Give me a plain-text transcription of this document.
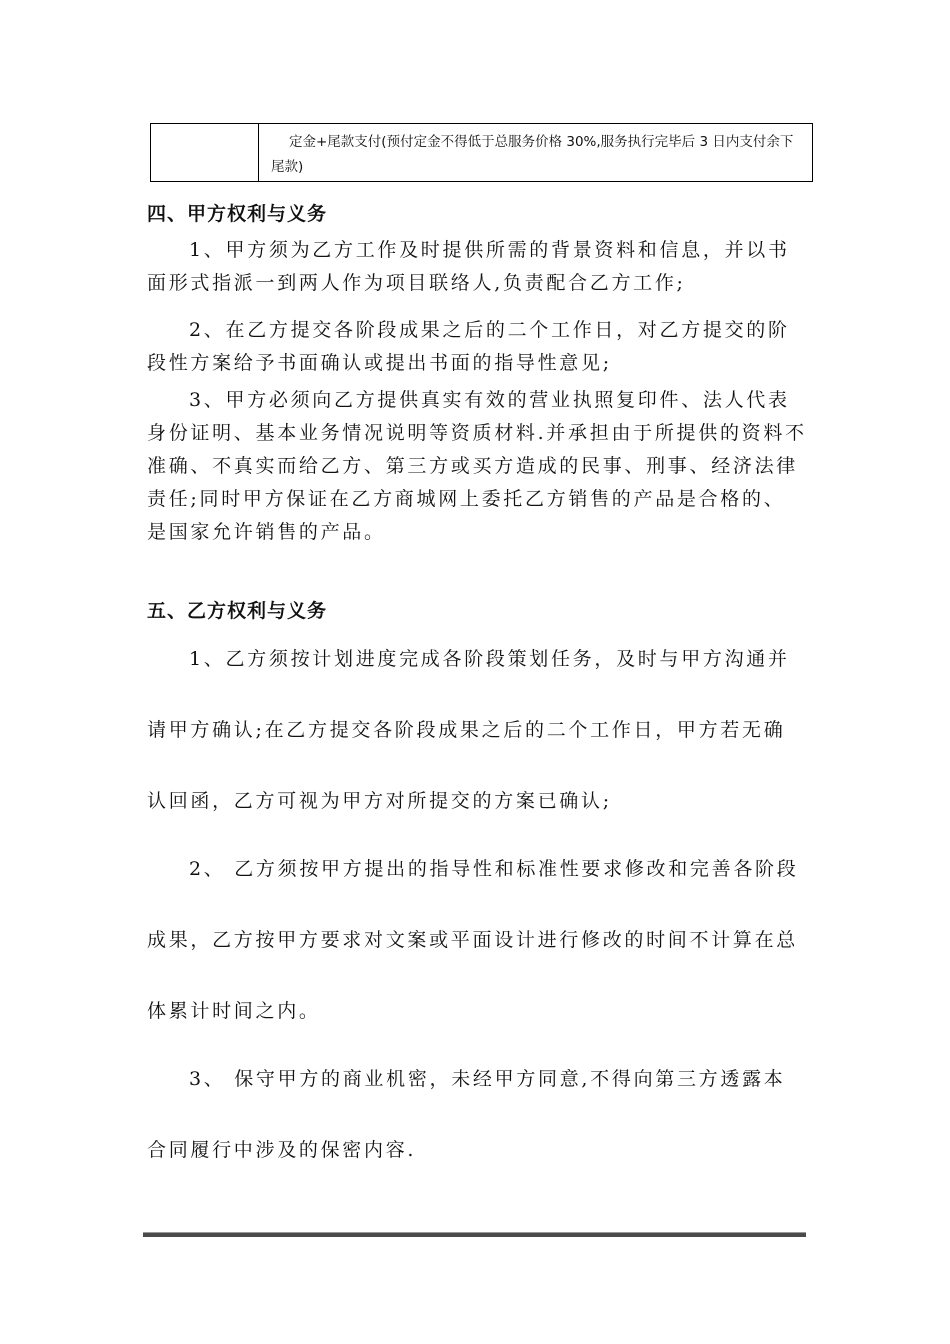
定金+尾款支付(预付定金不得低于总服务价格 30%,服务执行完毕后 3 日内支付余下尾款)
四、甲方权利与义务

1、甲方须为乙方工作及时提供所需的背景资料和信息，并以书面形式指派一到两人作为项目联络人,负责配合乙方工作;

2、在乙方提交各阶段成果之后的二个工作日，对乙方提交的阶段性方案给予书面确认或提出书面的指导性意见;

3、甲方必须向乙方提供真实有效的营业执照复印件、法人代表身份证明、基本业务情况说明等资质材料.并承担由于所提供的资料不准确、不真实而给乙方、第三方或买方造成的民事、刑事、经济法律责任;同时甲方保证在乙方商城网上委托乙方销售的产品是合格的、是国家允许销售的产品。

五、乙方权利与义务

1、乙方须按计划进度完成各阶段策划任务，及时与甲方沟通并请甲方确认;在乙方提交各阶段成果之后的二个工作日，甲方若无确认回函，乙方可视为甲方对所提交的方案已确认;

2、 乙方须按甲方提出的指导性和标准性要求修改和完善各阶段成果，乙方按甲方要求对文案或平面设计进行修改的时间不计算在总体累计时间之内。

3、 保守甲方的商业机密，未经甲方同意,不得向第三方透露本合同履行中涉及的保密内容.
